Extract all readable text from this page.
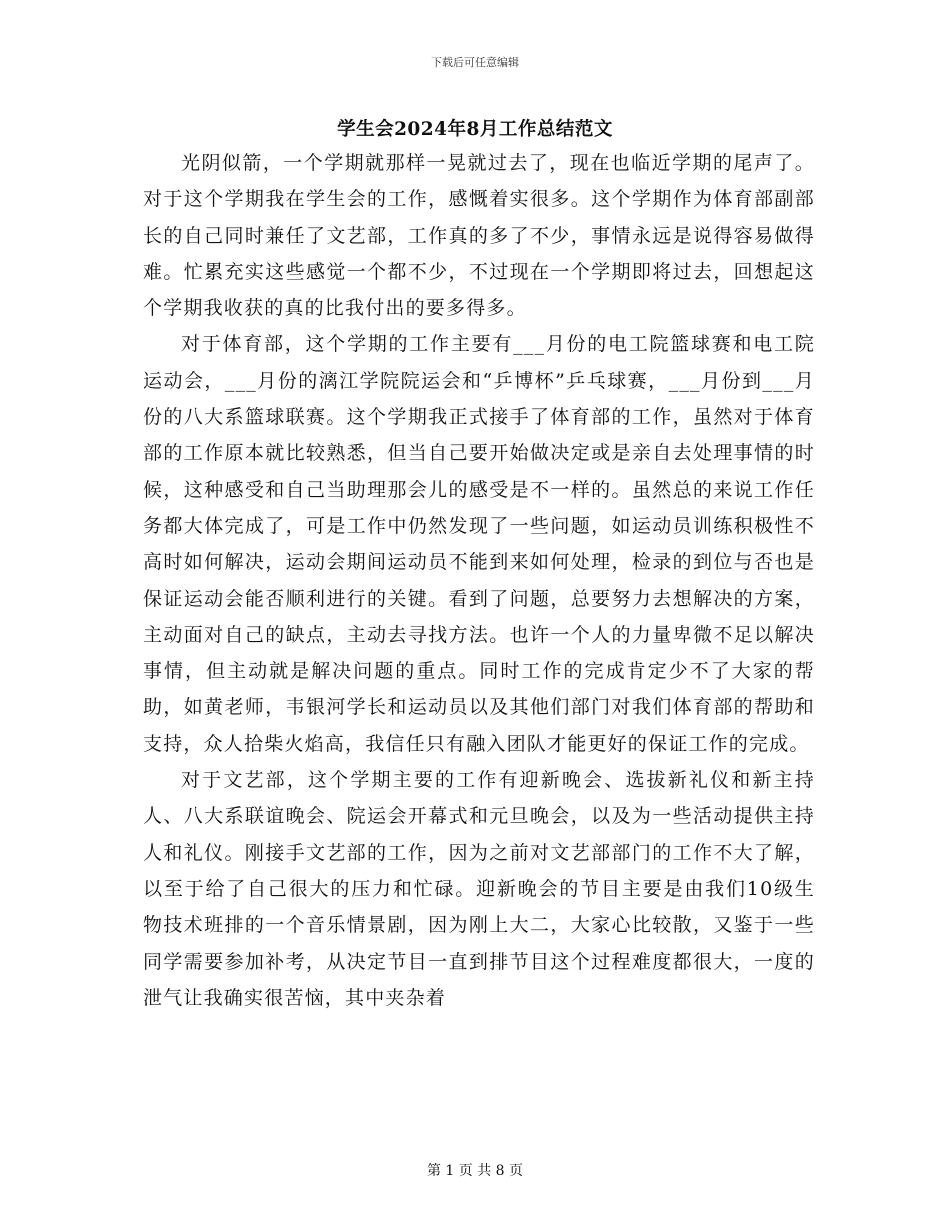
下载后可任意编辑
学生会2024年8月工作总结范文

光阴似箭，一个学期就那样一晃就过去了，现在也临近学期的尾声了。对于这个学期我在学生会的工作，感慨着实很多。这个学期作为体育部副部长的自己同时兼任了文艺部，工作真的多了不少，事情永远是说得容易做得难。忙累充实这些感觉一个都不少，不过现在一个学期即将过去，回想起这个学期我收获的真的比我付出的要多得多。

对于体育部，这个学期的工作主要有___月份的电工院篮球赛和电工院运动会，___月份的漓江学院院运会和“乒博杯”乒乓球赛，___月份到___月份的八大系篮球联赛。这个学期我正式接手了体育部的工作，虽然对于体育部的工作原本就比较熟悉，但当自己要开始做决定或是亲自去处理事情的时候，这种感受和自己当助理那会儿的感受是不一样的。虽然总的来说工作任务都大体完成了，可是工作中仍然发现了一些问题，如运动员训练积极性不高时如何解决，运动会期间运动员不能到来如何处理，检录的到位与否也是保证运动会能否顺利进行的关键。看到了问题，总要努力去想解决的方案，主动面对自己的缺点，主动去寻找方法。也许一个人的力量卑微不足以解决事情，但主动就是解决问题的重点。同时工作的完成肯定少不了大家的帮助，如黄老师，韦银河学长和运动员以及其他们部门对我们体育部的帮助和支持，众人拾柴火焰高，我信任只有融入团队才能更好的保证工作的完成。

对于文艺部，这个学期主要的工作有迎新晚会、选拔新礼仪和新主持人、八大系联谊晚会、院运会开幕式和元旦晚会，以及为一些活动提供主持人和礼仪。刚接手文艺部的工作，因为之前对文艺部部门的工作不大了解，以至于给了自己很大的压力和忙碌。迎新晚会的节目主要是由我们10级生物技术班排的一个音乐情景剧，因为刚上大二，大家心比较散，又鉴于一些同学需要参加补考，从决定节目一直到排节目这个过程难度都很大，一度的泄气让我确实很苦恼，其中夹杂着

第 1 页 共 8 页
